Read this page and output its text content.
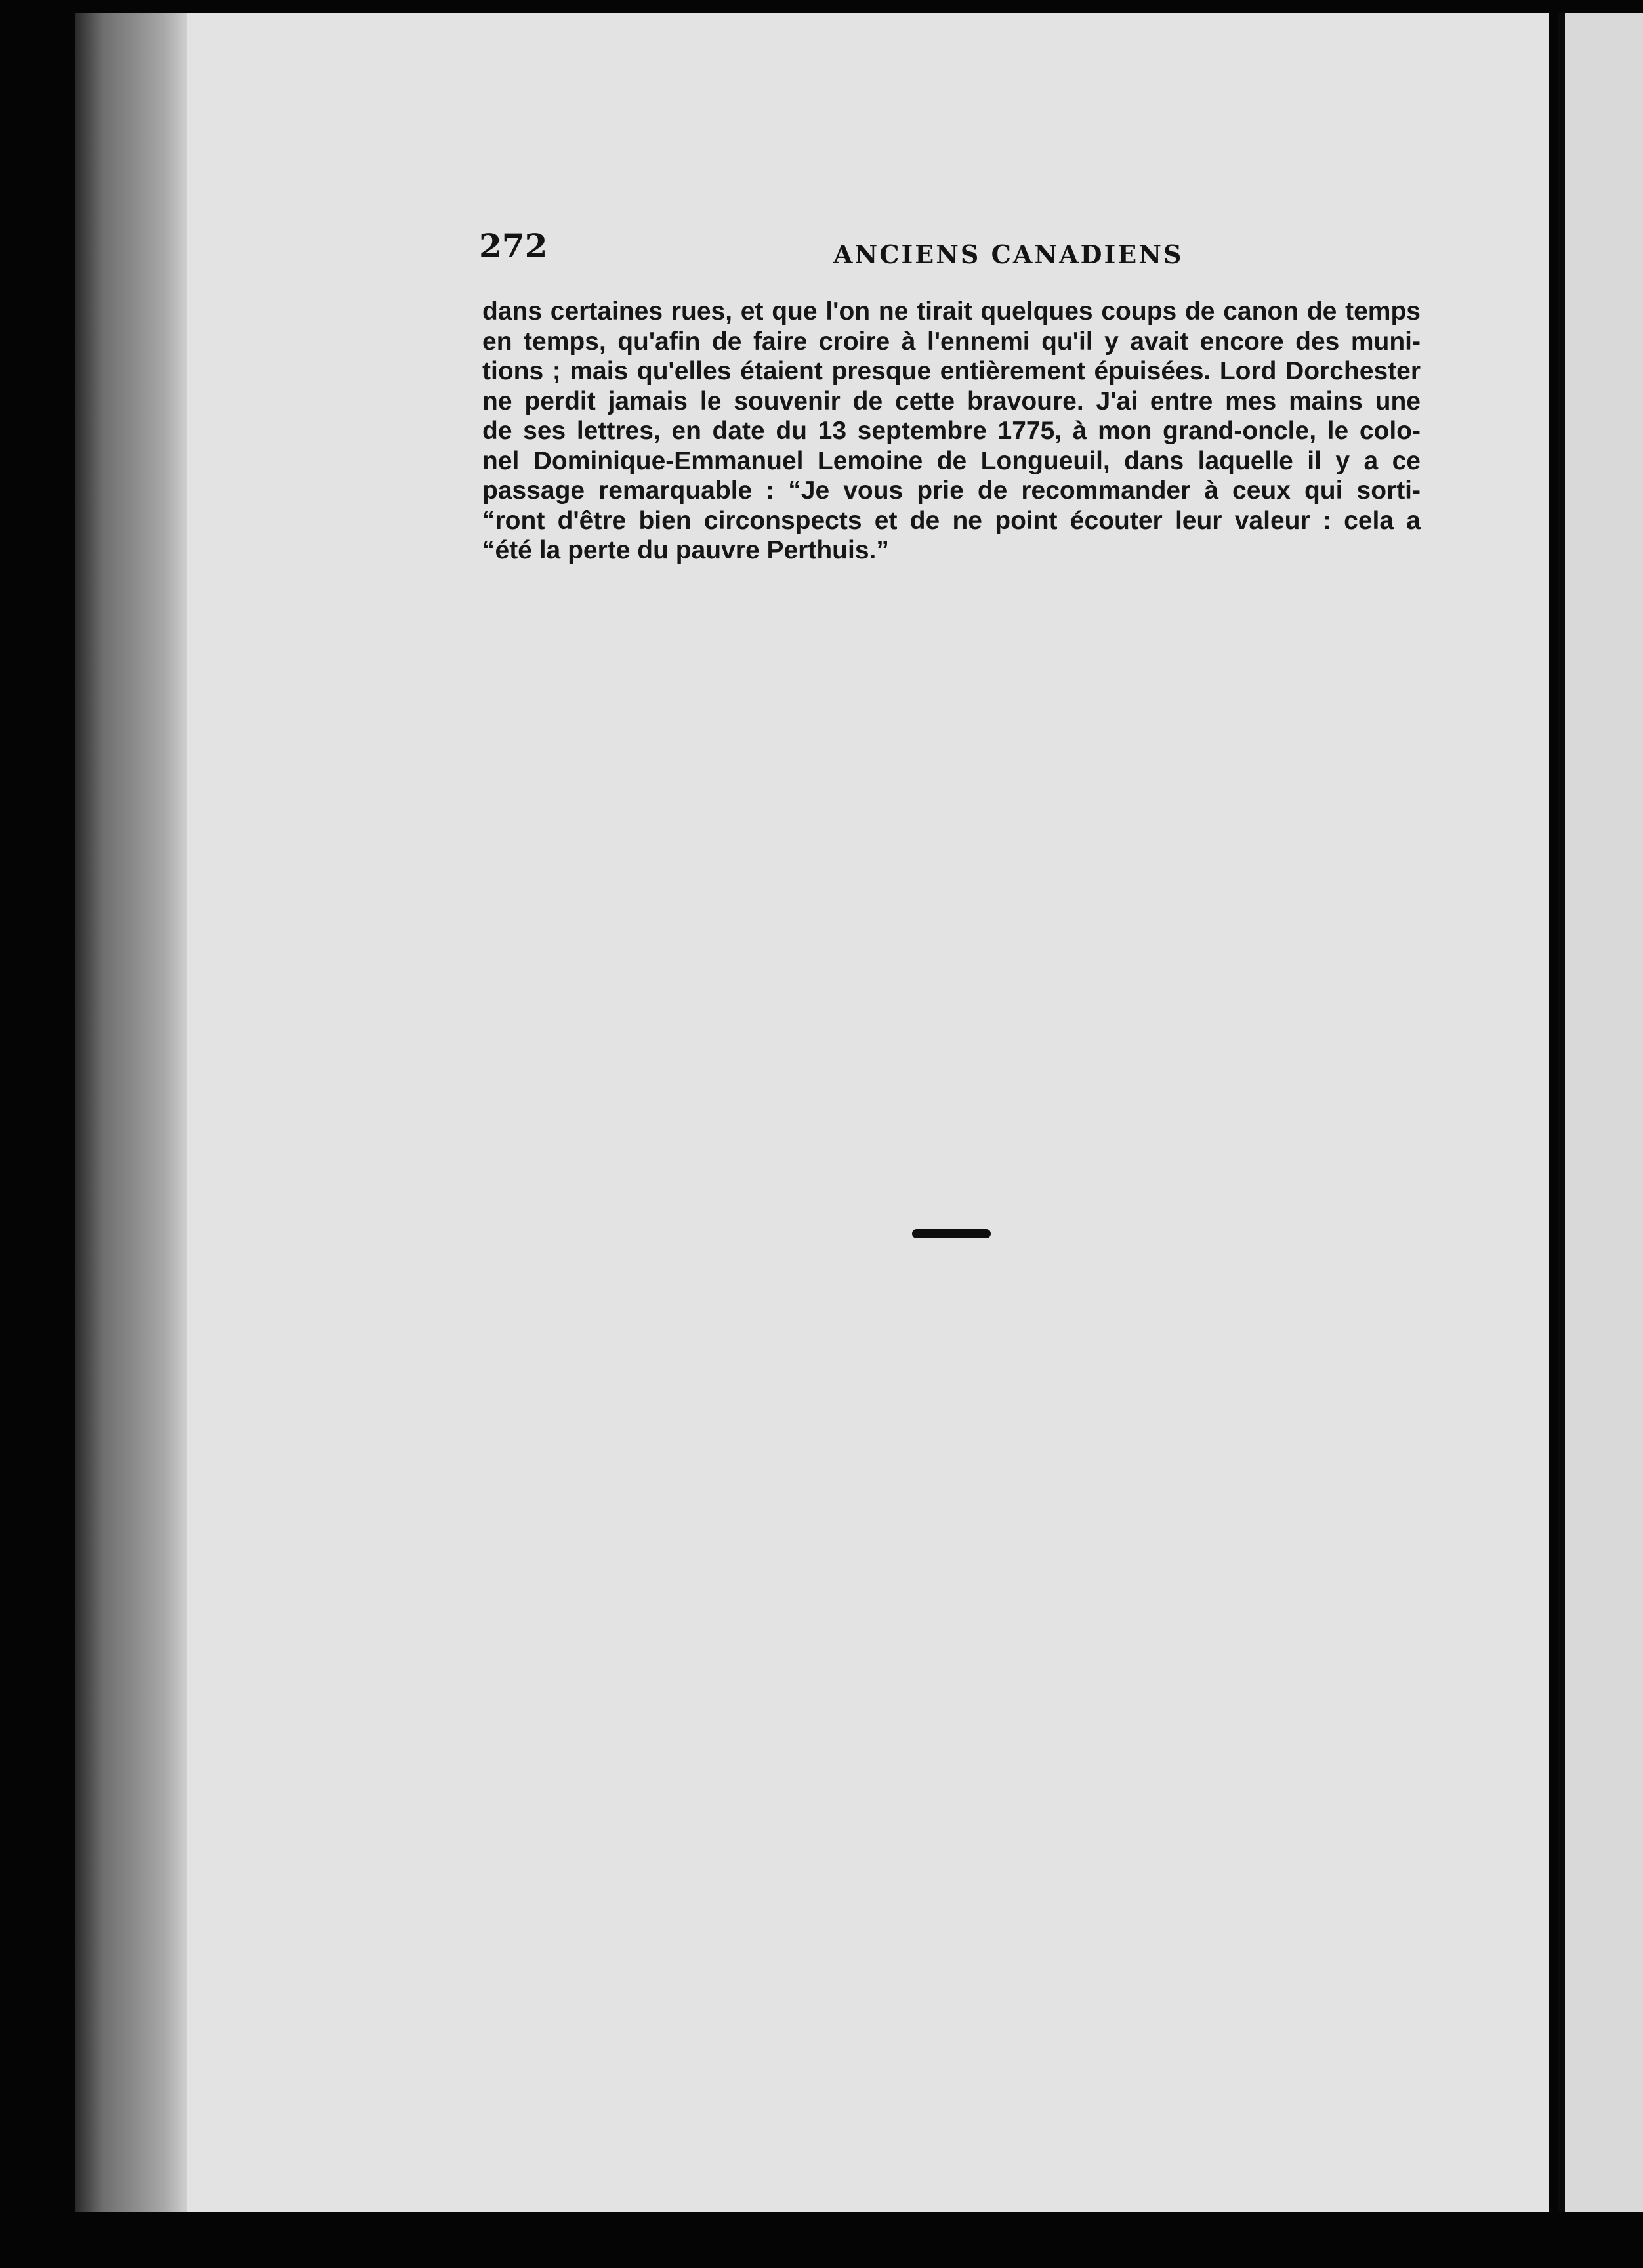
272	ANCIENS CANADIENS
dans certaines rues, et que l'on ne tirait quelques coups de canon de temps
en temps, qu'afin de faire croire à l'ennemi qu'il y avait encore des muni-
tions ; mais qu'elles étaient presque entièrement épuisées. Lord Dorchester
ne perdit jamais le souvenir de cette bravoure. J'ai entre mes mains une
de ses lettres, en date du 13 septembre 1775, à mon grand-oncle, le colo-
nel Dominique-Emmanuel Lemoine de Longueuil, dans laquelle il y a ce
passage remarquable : “Je vous prie de recommander à ceux qui sorti-
“ront d'être bien circonspects et de ne point écouter leur valeur : cela a
“été la perte du pauvre Perthuis.”
